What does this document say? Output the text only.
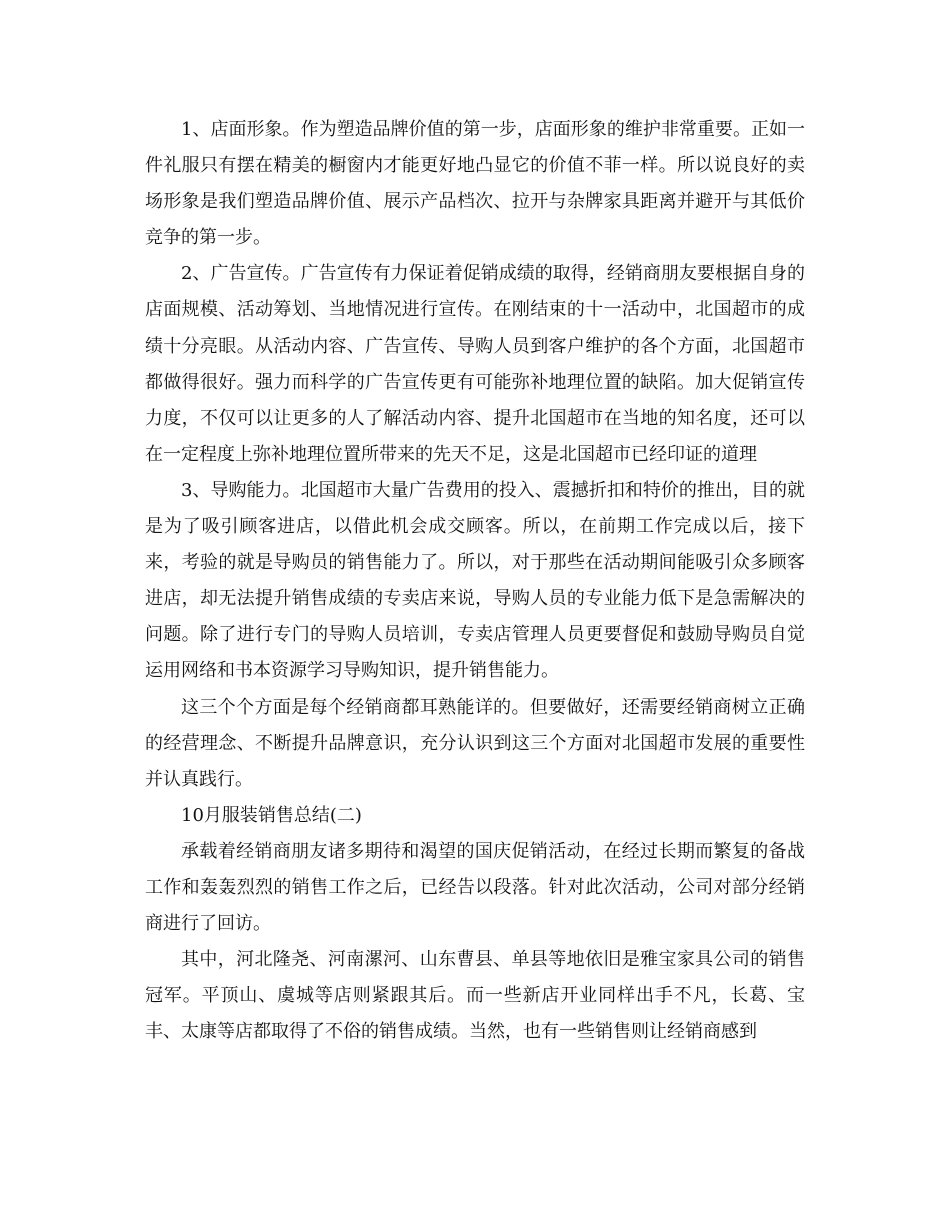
1、店面形象。作为塑造品牌价值的第一步，店面形象的维护非常重要。正如一件礼服只有摆在精美的橱窗内才能更好地凸显它的价值不菲一样。所以说良好的卖场形象是我们塑造品牌价值、展示产品档次、拉开与杂牌家具距离并避开与其低价竞争的第一步。

2、广告宣传。广告宣传有力保证着促销成绩的取得，经销商朋友要根据自身的店面规模、活动筹划、当地情况进行宣传。在刚结束的十一活动中，北国超市的成绩十分亮眼。从活动内容、广告宣传、导购人员到客户维护的各个方面，北国超市都做得很好。强力而科学的广告宣传更有可能弥补地理位置的缺陷。加大促销宣传力度，不仅可以让更多的人了解活动内容、提升北国超市在当地的知名度，还可以在一定程度上弥补地理位置所带来的先天不足，这是北国超市已经印证的道理

3、导购能力。北国超市大量广告费用的投入、震撼折扣和特价的推出，目的就是为了吸引顾客进店，以借此机会成交顾客。所以，在前期工作完成以后，接下来，考验的就是导购员的销售能力了。所以，对于那些在活动期间能吸引众多顾客进店，却无法提升销售成绩的专卖店来说，导购人员的专业能力低下是急需解决的问题。除了进行专门的导购人员培训，专卖店管理人员更要督促和鼓励导购员自觉运用网络和书本资源学习导购知识，提升销售能力。

这三个个方面是每个经销商都耳熟能详的。但要做好，还需要经销商树立正确的经营理念、不断提升品牌意识，充分认识到这三个方面对北国超市发展的重要性并认真践行。

10月服装销售总结(二)

承载着经销商朋友诸多期待和渴望的国庆促销活动，在经过长期而繁复的备战工作和轰轰烈烈的销售工作之后，已经告以段落。针对此次活动，公司对部分经销商进行了回访。

其中，河北隆尧、河南漯河、山东曹县、单县等地依旧是雅宝家具公司的销售冠军。平顶山、虞城等店则紧跟其后。而一些新店开业同样出手不凡，长葛、宝丰、太康等店都取得了不俗的销售成绩。当然，也有一些销售则让经销商感到
